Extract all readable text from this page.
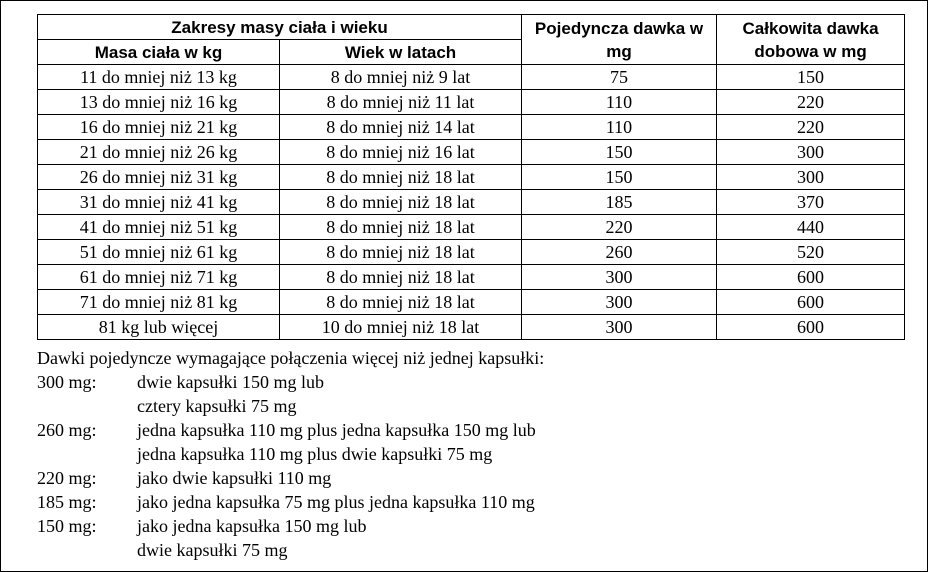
Zakresy masy ciała i wieku		Pojedyncza dawka w mg	Całkowita dawka dobowa w mg
Masa ciała w kg	Wiek w latach		
11 do mniej niż 13 kg	8 do mniej niż 9 lat	75	150
13 do mniej niż 16 kg	8 do mniej niż 11 lat	110	220
16 do mniej niż 21 kg	8 do mniej niż 14 lat	110	220
21 do mniej niż 26 kg	8 do mniej niż 16 lat	150	300
26 do mniej niż 31 kg	8 do mniej niż 18 lat	150	300
31 do mniej niż 41 kg	8 do mniej niż 18 lat	185	370
41 do mniej niż 51 kg	8 do mniej niż 18 lat	220	440
51 do mniej niż 61 kg	8 do mniej niż 18 lat	260	520
61 do mniej niż 71 kg	8 do mniej niż 18 lat	300	600
71 do mniej niż 81 kg	8 do mniej niż 18 lat	300	600
81 kg lub więcej	10 do mniej niż 18 lat	300	600

Dawki pojedyncze wymagające połączenia więcej niż jednej kapsułki:

300 mg: dwie kapsułki 150 mg lub
cztery kapsułki 75 mg
260 mg: jedna kapsułka 110 mg plus jedna kapsułka 150 mg lub
jedna kapsułka 110 mg plus dwie kapsułki 75 mg
220 mg: jako dwie kapsułki 110 mg
185 mg: jako jedna kapsułka 75 mg plus jedna kapsułka 110 mg
150 mg: jako jedna kapsułka 150 mg lub
dwie kapsułki 75 mg
